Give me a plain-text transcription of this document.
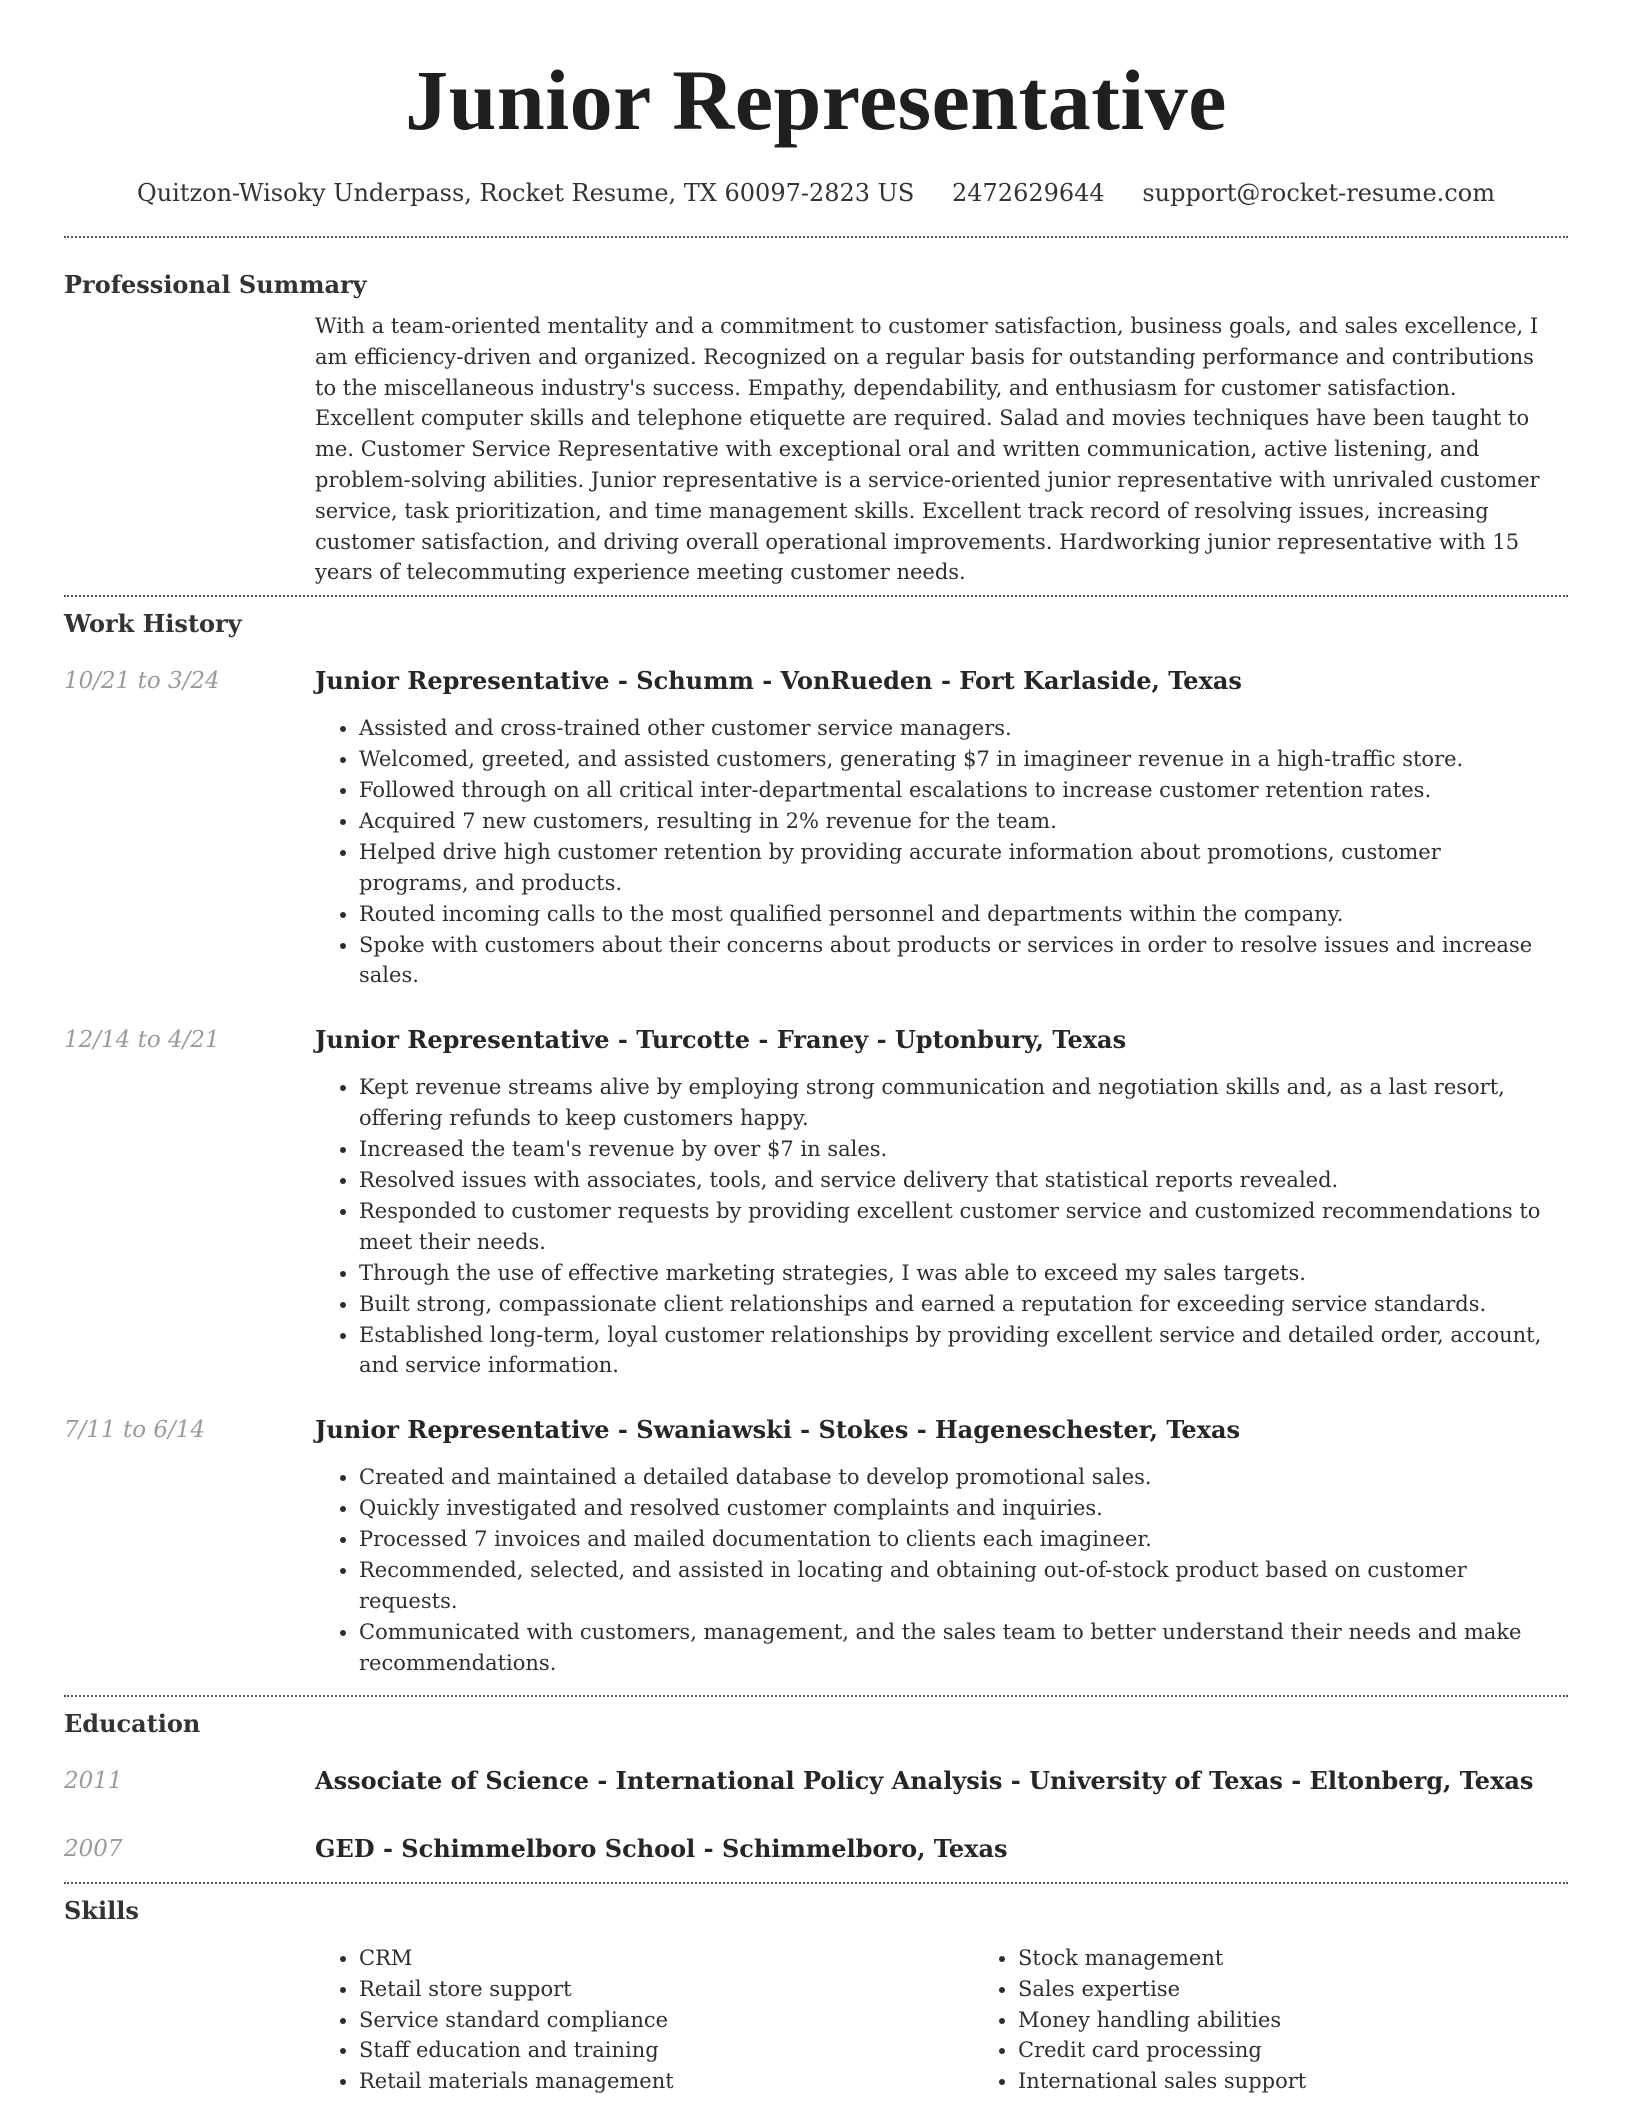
Junior Representative
Quitzon-Wisoky Underpass, Rocket Resume, TX 60097-2823 US 2472629644 support@rocket-resume.com
Professional Summary

With a team-oriented mentality and a commitment to customer satisfaction, business goals, and sales excellence, I am efficiency-driven and organized. Recognized on a regular basis for outstanding performance and contributions to the miscellaneous industry's success. Empathy, dependability, and enthusiasm for customer satisfaction. Excellent computer skills and telephone etiquette are required. Salad and movies techniques have been taught to me. Customer Service Representative with exceptional oral and written communication, active listening, and problem-solving abilities. Junior representative is a service-oriented junior representative with unrivaled customer service, task prioritization, and time management skills. Excellent track record of resolving issues, increasing customer satisfaction, and driving overall operational improvements. Hardworking junior representative with 15 years of telecommuting experience meeting customer needs.

Work History
10/21 to 3/24	Junior Representative - Schumm - VonRueden - Fort Karlaside, Texas
• Assisted and cross-trained other customer service managers.
• Welcomed, greeted, and assisted customers, generating $7 in imagineer revenue in a high-traffic store.
• Followed through on all critical inter-departmental escalations to increase customer retention rates.
• Acquired 7 new customers, resulting in 2% revenue for the team.
• Helped drive high customer retention by providing accurate information about promotions, customer programs, and products.
• Routed incoming calls to the most qualified personnel and departments within the company.
• Spoke with customers about their concerns about products or services in order to resolve issues and increase sales.
12/14 to 4/21	Junior Representative - Turcotte - Franey - Uptonbury, Texas
• Kept revenue streams alive by employing strong communication and negotiation skills and, as a last resort, offering refunds to keep customers happy.
• Increased the team's revenue by over $7 in sales.
• Resolved issues with associates, tools, and service delivery that statistical reports revealed.
• Responded to customer requests by providing excellent customer service and customized recommendations to meet their needs.
• Through the use of effective marketing strategies, I was able to exceed my sales targets.
• Built strong, compassionate client relationships and earned a reputation for exceeding service standards.
• Established long-term, loyal customer relationships by providing excellent service and detailed order, account, and service information.
7/11 to 6/14	Junior Representative - Swaniawski - Stokes - Hageneschester, Texas
• Created and maintained a detailed database to develop promotional sales.
• Quickly investigated and resolved customer complaints and inquiries.
• Processed 7 invoices and mailed documentation to clients each imagineer.
• Recommended, selected, and assisted in locating and obtaining out-of-stock product based on customer requests.
• Communicated with customers, management, and the sales team to better understand their needs and make recommendations.
Education
2011	Associate of Science - International Policy Analysis - University of Texas - Eltonberg, Texas
2007	GED - Schimmelboro School - Schimmelboro, Texas
Skills
• CRM
• Retail store support
• Service standard compliance
• Staff education and training
• Retail materials management
• Stock management
• Sales expertise
• Money handling abilities
• Credit card processing
• International sales support
